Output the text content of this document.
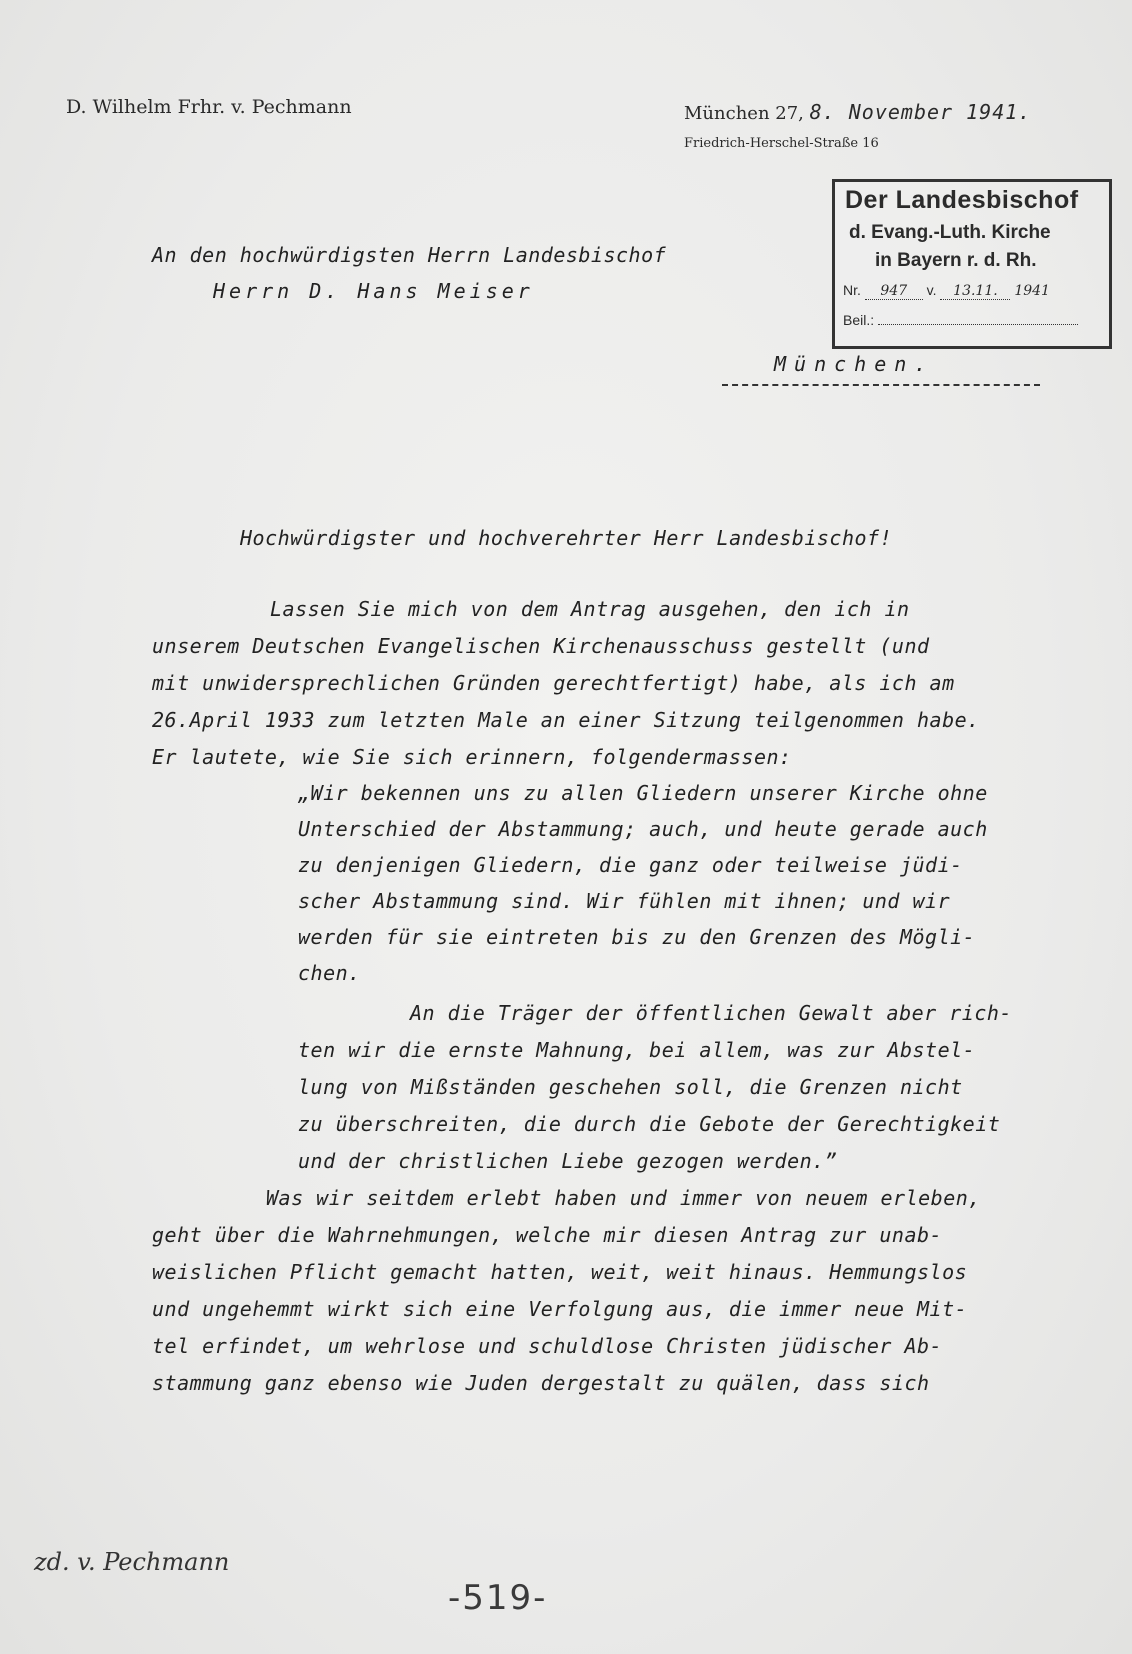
D. Wilhelm Frhr. v. Pechmann	München 27, 8. November 1941.
Friedrich-Herschel-Straße 16
Der Landesbischof
d. Evang.-Luth. Kirche
in Bayern r. d. Rh.
Nr. 947 v. 13.11. 1941
Beil.:
An den hochwürdigsten Herrn Landesbischof
Herrn D. Hans Meiser
München.
Hochwürdigster und hochverehrter Herr Landesbischof!
Lassen Sie mich von dem Antrag ausgehen, den ich in
unserem Deutschen Evangelischen Kirchenausschuss gestellt (und
mit unwidersprechlichen Gründen gerechtfertigt) habe, als ich am
26.April 1933 zum letzten Male an einer Sitzung teilgenommen habe.
Er lautete, wie Sie sich erinnern, folgendermassen:
„Wir bekennen uns zu allen Gliedern unserer Kirche ohne
Unterschied der Abstammung; auch, und heute gerade auch
zu denjenigen Gliedern, die ganz oder teilweise jüdi-
scher Abstammung sind. Wir fühlen mit ihnen; und wir
werden für sie eintreten bis zu den Grenzen des Mögli-
chen.
An die Träger der öffentlichen Gewalt aber rich-
ten wir die ernste Mahnung, bei allem, was zur Abstel-
lung von Mißständen geschehen soll, die Grenzen nicht
zu überschreiten, die durch die Gebote der Gerechtigkeit
und der christlichen Liebe gezogen werden.”
Was wir seitdem erlebt haben und immer von neuem erleben,
geht über die Wahrnehmungen, welche mir diesen Antrag zur unab-
weislichen Pflicht gemacht hatten, weit, weit hinaus. Hemmungslos
und ungehemmt wirkt sich eine Verfolgung aus, die immer neue Mit-
tel erfindet, um wehrlose und schuldlose Christen jüdischer Ab-
stammung ganz ebenso wie Juden dergestalt zu quälen, dass sich
zd. v. Pechmann
-519-
